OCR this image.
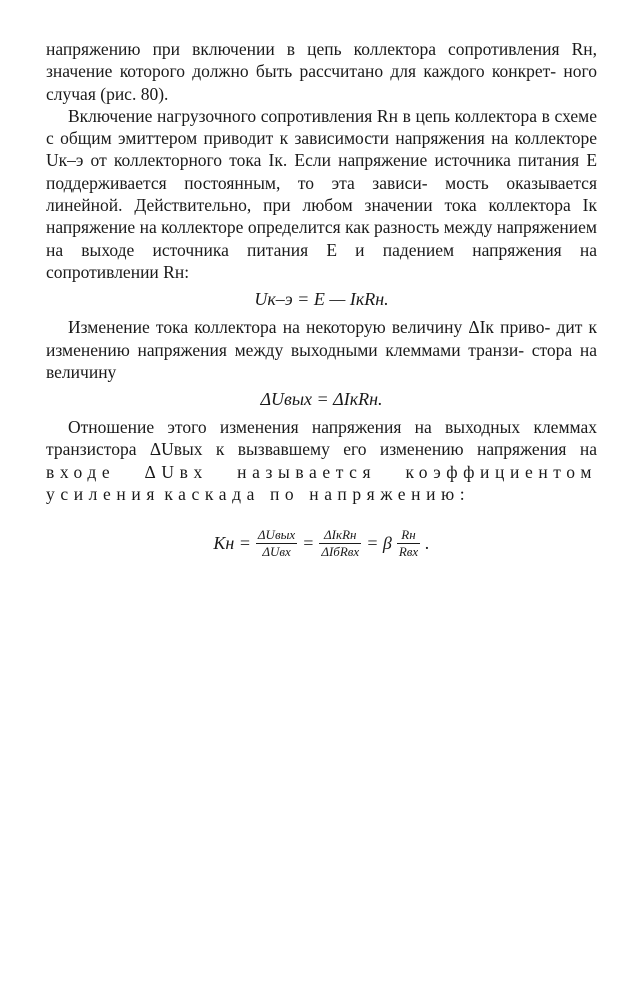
напряжению при включении в цепь коллектора сопротивления Rн, значение которого должно быть рассчитано для каждого конкрет- ного случая (рис. 80).

Включение нагрузочного сопротивления Rн в цепь коллектора в схеме с общим эмиттером приводит к зависимости напряжения на коллекторе Uк–э от коллекторного тока Iк. Если напряжение источника питания E поддерживается постоянным, то эта зависи- мость оказывается линейной. Действительно, при любом значении тока коллектора Iк напряжение на коллекторе определится как разность между напряжением на выходе источника питания E и падением напряжения на сопротивлении Rн:

Uк–э = E — IкRн.

Изменение тока коллектора на некоторую величину ΔIк приво- дит к изменению напряжения между выходными клеммами транзи- стора на величину

ΔUвых = ΔIкRн.

Отношение этого изменения напряжения на выходных клеммах транзистора ΔUвых к вызвавшему его изменению напряжения на входе ΔUвх называется коэффициентом усиления каскада по напряжению:

Kн = $\frac{\text{ΔUвых}}{\text{ΔUвх}} = \frac{\text{ΔIкRн}}{\text{ΔIбRвх}} = \beta \frac{Rн}{\text{Rвх}}$ .
